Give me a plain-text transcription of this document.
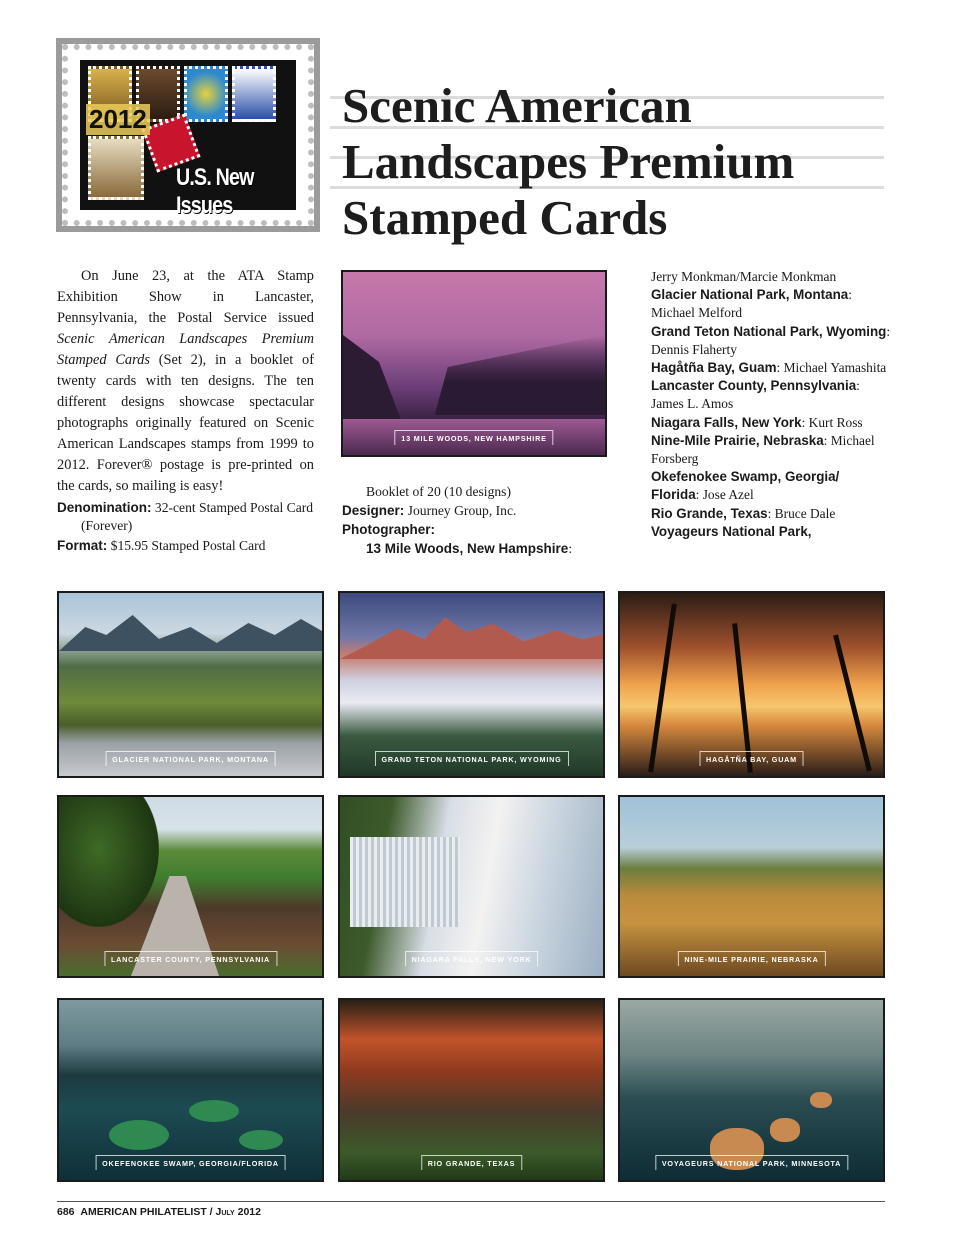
2012
U.S. New Issues
Scenic American
Landscapes Premium
Stamped Cards

On June 23, at the ATA Stamp Exhibition Show in Lancaster, Pennsylvania, the Postal Service issued Scenic American Landscapes Premium Stamped Cards (Set 2), in a booklet of twenty cards with ten designs. The ten different designs showcase spectacular photographs originally featured on Scenic American Landscapes stamps from 1999 to 2012. Forever® postage is pre-printed on the cards, so mailing is easy!

Denomination: 32-cent Stamped Postal Card (Forever)

Format: $15.95 Stamped Postal Card

13 MILE WOODS, NEW HAMPSHIRE

Booklet of 20 (10 designs)

Designer: Journey Group, Inc.

Photographer:

13 Mile Woods, New Hampshire:

Jerry Monkman/Marcie Monkman

Glacier National Park, Montana: Michael Melford

Grand Teton National Park, Wyoming: Dennis Flaherty

Hagåtña Bay, Guam: Michael Yamashita

Lancaster County, Pennsylvania: James L. Amos

Niagara Falls, New York: Kurt Ross

Nine-Mile Prairie, Nebraska: Michael Forsberg

Okefenokee Swamp, Georgia/ Florida: Jose Azel

Rio Grande, Texas: Bruce Dale

Voyageurs National Park,

GLACIER NATIONAL PARK, MONTANA	GRAND TETON NATIONAL PARK, WYOMING	HAGÅTÑA BAY, GUAM
LANCASTER COUNTY, PENNSYLVANIA	NIAGARA FALLS, NEW YORK	NINE-MILE PRAIRIE, NEBRASKA
OKEFENOKEE SWAMP, GEORGIA/FLORIDA	RIO GRANDE, TEXAS	VOYAGEURS NATIONAL PARK, MINNESOTA
686 AMERICAN PHILATELIST / July 2012
